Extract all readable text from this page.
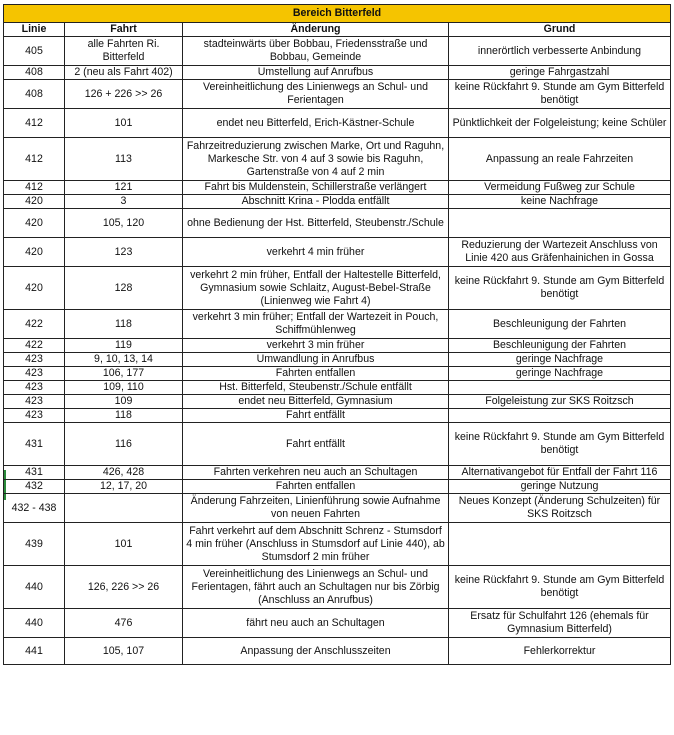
Bereich Bitterfeld			
Linie	Fahrt	Änderung	Grund
405	alle Fahrten Ri. Bitterfeld	stadteinwärts über Bobbau, Friedensstraße und Bobbau, Gemeinde	innerörtlich verbesserte Anbindung
408	2 (neu als Fahrt 402)	Umstellung auf Anrufbus	geringe Fahrgastzahl
408	126 + 226 >> 26	Vereinheitlichung des Linienwegs an Schul- und Ferientagen	keine Rückfahrt 9. Stunde am Gym Bitterfeld benötigt
412	101	endet neu Bitterfeld, Erich-Kästner-Schule	Pünktlichkeit der Folgeleistung; keine Schüler
412	113	Fahrzeitreduzierung zwischen Marke, Ort und Raguhn, Markesche Str. von 4 auf 3 sowie bis Raguhn, Gartenstraße von 4 auf 2 min	Anpassung an reale Fahrzeiten
412	121	Fahrt bis Muldenstein, Schillerstraße verlängert	Vermeidung Fußweg zur Schule
420	3	Abschnitt Krina - Plodda entfällt	keine Nachfrage
420	105, 120	ohne Bedienung der Hst. Bitterfeld, Steubenstr./Schule	
420	123	verkehrt 4 min früher	Reduzierung der Wartezeit Anschluss von Linie 420 aus Gräfenhainichen in Gossa
420	128	verkehrt 2 min früher, Entfall der Haltestelle Bitterfeld, Gymnasium sowie Schlaitz, August-Bebel-Straße (Linienweg wie Fahrt 4)	keine Rückfahrt 9. Stunde am Gym Bitterfeld benötigt
422	118	verkehrt 3 min früher; Entfall der Wartezeit in Pouch, Schiffmühlenweg	Beschleunigung der Fahrten
422	119	verkehrt 3 min früher	Beschleunigung der Fahrten
423	9, 10, 13, 14	Umwandlung in Anrufbus	geringe Nachfrage
423	106, 177	Fahrten entfallen	geringe Nachfrage
423	109, 110	Hst. Bitterfeld, Steubenstr./Schule entfällt	
423	109	endet neu Bitterfeld, Gymnasium	Folgeleistung zur SKS Roitzsch
423	118	Fahrt entfällt	
431	116	Fahrt entfällt	keine Rückfahrt 9. Stunde am Gym Bitterfeld benötigt
431	426, 428	Fahrten verkehren neu auch an Schultagen	Alternativangebot für Entfall der Fahrt 116
432	12, 17, 20	Fahrten entfallen	geringe Nutzung
432 - 438		Änderung Fahrzeiten, Linienführung sowie Aufnahme von neuen Fahrten	Neues Konzept (Änderung Schulzeiten) für SKS Roitzsch
439	101	Fahrt verkehrt auf dem Abschnitt Schrenz - Stumsdorf 4 min früher (Anschluss in Stumsdorf auf Linie 440), ab Stumsdorf 2 min früher	
440	126, 226 >> 26	Vereinheitlichung des Linienwegs an Schul- und Ferientagen, fährt auch an Schultagen nur bis Zörbig (Anschluss an Anrufbus)	keine Rückfahrt 9. Stunde am Gym Bitterfeld benötigt
440	476	fährt neu auch an Schultagen	Ersatz für Schulfahrt 126 (ehemals für Gymnasium Bitterfeld)
441	105, 107	Anpassung der Anschlusszeiten	Fehlerkorrektur
